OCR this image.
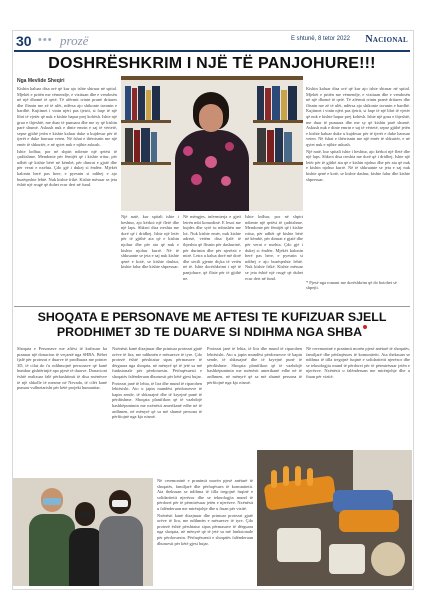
30 ••• prozë	E shtunë, 8 tetor 2022 Nacional
DOSHRËSHKRIM I NJË TË PANJOHURE!!!
Nga Mevlide Sheqiri

Kishin kaluar disa orë që kur ajo ishte shtruar në spital. Mjekët e pritën me vëmendje, e vizituan dhe e vendosën në një dhomë të qetë. Të afërmit rrinin pranë dritares dhe flisnin me zë të ulët, ndërsa ajo shikonte tavanin e bardhë. Kujtimet i vinin njëri pas tjetrit, si faqe të një libri të vjetër që nuk e kishte hapur prej kohësh. Ishte një grua e thjeshtë, me duar të punuara dhe me sy që kishin parë shumë. Askush nuk e dinte emrin e saj të vërtetë, sepse gjithë jetën e kishte kaluar duke u kujdesur për të tjerët e duke harruar veten. Në fshat e thërrisnin me një emër të shkurtër, e në qytet nuk e njihte askush.

Ishte lodhur, por në shpirt ndiente një qetësi të çuditshme. Mendonte për fëmijët që i kishte rritur, për udhët që kishte bërë në këmbë, për dimrat e gjatë dhe për verat e nxehta. Çdo gjë i dukej si ëndërr. Mjekët kalonin herë pas here, e pyesnin si ndihej e ajo buzëqeshte lehtë. Nuk kishte frikë. Kishte mësuar se jeta është një rrugë që duhet ecur deri në fund.

Një natë, kur spitali ishte i heshtur, ajo kërkoi një fletë dhe një laps. Shkroi disa rreshta me dorë që i dridhej. Ishte një letër për të gjithë ata që e kishin njohur dhe për ata që nuk e kishin njohur kurrë. Në të shkruante se jeta e saj nuk kishte qenë e kotë, se kishte dashur, kishte falur dhe kishte shpresuar.

Në mëngjes, infermierja e gjeti letrën mbi komodinë. E lexoi me kujdes dhe sytë iu mbushën me lot. Nuk kishte emër, nuk kishte adresë, vetëm disa fjalë të thjeshta që flisnin për dashurinë, për durimin dhe për njerëzit e mirë. Letra u kalua dorë më dorë dhe secili gjente diçka të vetën në të. Ishte dorëshkrimi i një të panjohure, që fliste për të gjithë ne.

Ishte lodhur, por në shpirt ndiente një qetësi të çuditshme. Mendonte për fëmijët që i kishte rritur, për udhët që kishte bërë në këmbë, për dimrat e gjatë dhe për verat e nxehta. Çdo gjë i dukej si ëndërr. Mjekët kalonin herë pas here, e pyesnin si ndihej e ajo buzëqeshte lehtë. Nuk kishte frikë. Kishte mësuar se jeta është një rrugë që duhet ecur deri në fund.

Kishin kaluar disa orë që kur ajo ishte shtruar në spital. Mjekët e pritën me vëmendje, e vizituan dhe e vendosën në një dhomë të qetë. Të afërmit rrinin pranë dritares dhe flisnin me zë të ulët, ndërsa ajo shikonte tavanin e bardhë. Kujtimet i vinin njëri pas tjetrit, si faqe të një libri të vjetër që nuk e kishte hapur prej kohësh. Ishte një grua e thjeshtë, me duar të punuara dhe me sy që kishin parë shumë. Askush nuk e dinte emrin e saj të vërtetë, sepse gjithë jetën e kishte kaluar duke u kujdesur për të tjerët e duke harruar veten. Në fshat e thërrisnin me një emër të shkurtër, e në qytet nuk e njihte askush.

Një natë, kur spitali ishte i heshtur, ajo kërkoi një fletë dhe një laps. Shkroi disa rreshta me dorë që i dridhej. Ishte një letër për të gjithë ata që e kishin njohur dhe për ata që nuk e kishin njohur kurrë. Në të shkruante se jeta e saj nuk kishte qenë e kotë, se kishte dashur, kishte falur dhe kishte shpresuar.

* Pjesë nga romani me dorëshkrim që do botohet së shpejti.
SHOQATA E PERSONAVE ME AFTESI TE KUFIZUAR SJELL PRODHIMET 3D TE DUARVE SI NDIHMA NGA SHBA

Shoqata e Personave me aftësi të kufizuar ka pranuar një donacion të veçantë nga SHBA. Bëhet fjalë për protezat e duarve të prodhuara me printer 3D, të cilat do t'u ndihmojnë personave që kanë humbur gishtërinjtë apo pjesë të duarve. Donacioni është realizuar falë përkushtimit të disa nxënësve të një shkolle të mesme në Nevada, të cilët kanë punuar vullnetarisht për këtë projekt humanitar.

Nxënësit kanë dizajnuar dhe printuar protezat gjatë orëve të lira, me ndihmën e mësuesve të tyre. Çdo protezë është përshtatur sipas përmasave të dërguara nga shoqata, në mënyrë që të jetë sa më funksionale për përdoruesin. Përfaqësuesit e shoqatës falënderuan dhuruesit për këtë gjest bujar.

Protezat janë të lehta, të lira dhe mund të riparohen lehtësisht. Ato u japin mundësi përdoruesve të kapin sende, të shkruajnë dhe të kryejnë punë të përditshme. Shoqata planifikon që të vazhdojë bashkëpunimin me nxënësit amerikanë edhe në të ardhmen, në mënyrë që sa më shumë persona të përfitojnë nga kjo nismë.

Protezat janë të lehta, të lira dhe mund të riparohen lehtësisht. Ato u japin mundësi përdoruesve të kapin sende, të shkruajnë dhe të kryejnë punë të përditshme. Shoqata planifikon që të vazhdojë bashkëpunimin me nxënësit amerikanë edhe në të ardhmen, në mënyrë që sa më shumë persona të përfitojnë nga kjo nismë.

Në ceremoninë e pranimit morën pjesë anëtarë të shoqatës, familjarë dhe përfaqësues të komunitetit. Ata theksuan se ndihma të tilla tregojnë fuqinë e solidaritetit njerëzor dhe se teknologjia mund të përdoret për të përmirësuar jetën e njerëzve. Nxënësit u falënderuan me mirënjohje dhe u ftuan për vizitë.

Në ceremoninë e pranimit morën pjesë anëtarë të shoqatës, familjarë dhe përfaqësues të komunitetit. Ata theksuan se ndihma të tilla tregojnë fuqinë e solidaritetit njerëzor dhe se teknologjia mund të përdoret për të përmirësuar jetën e njerëzve. Nxënësit u falënderuan me mirënjohje dhe u ftuan për vizitë.

Nxënësit kanë dizajnuar dhe printuar protezat gjatë orëve të lira, me ndihmën e mësuesve të tyre. Çdo protezë është përshtatur sipas përmasave të dërguara nga shoqata, në mënyrë që të jetë sa më funksionale për përdoruesin. Përfaqësuesit e shoqatës falënderuan dhuruesit për këtë gjest bujar.
